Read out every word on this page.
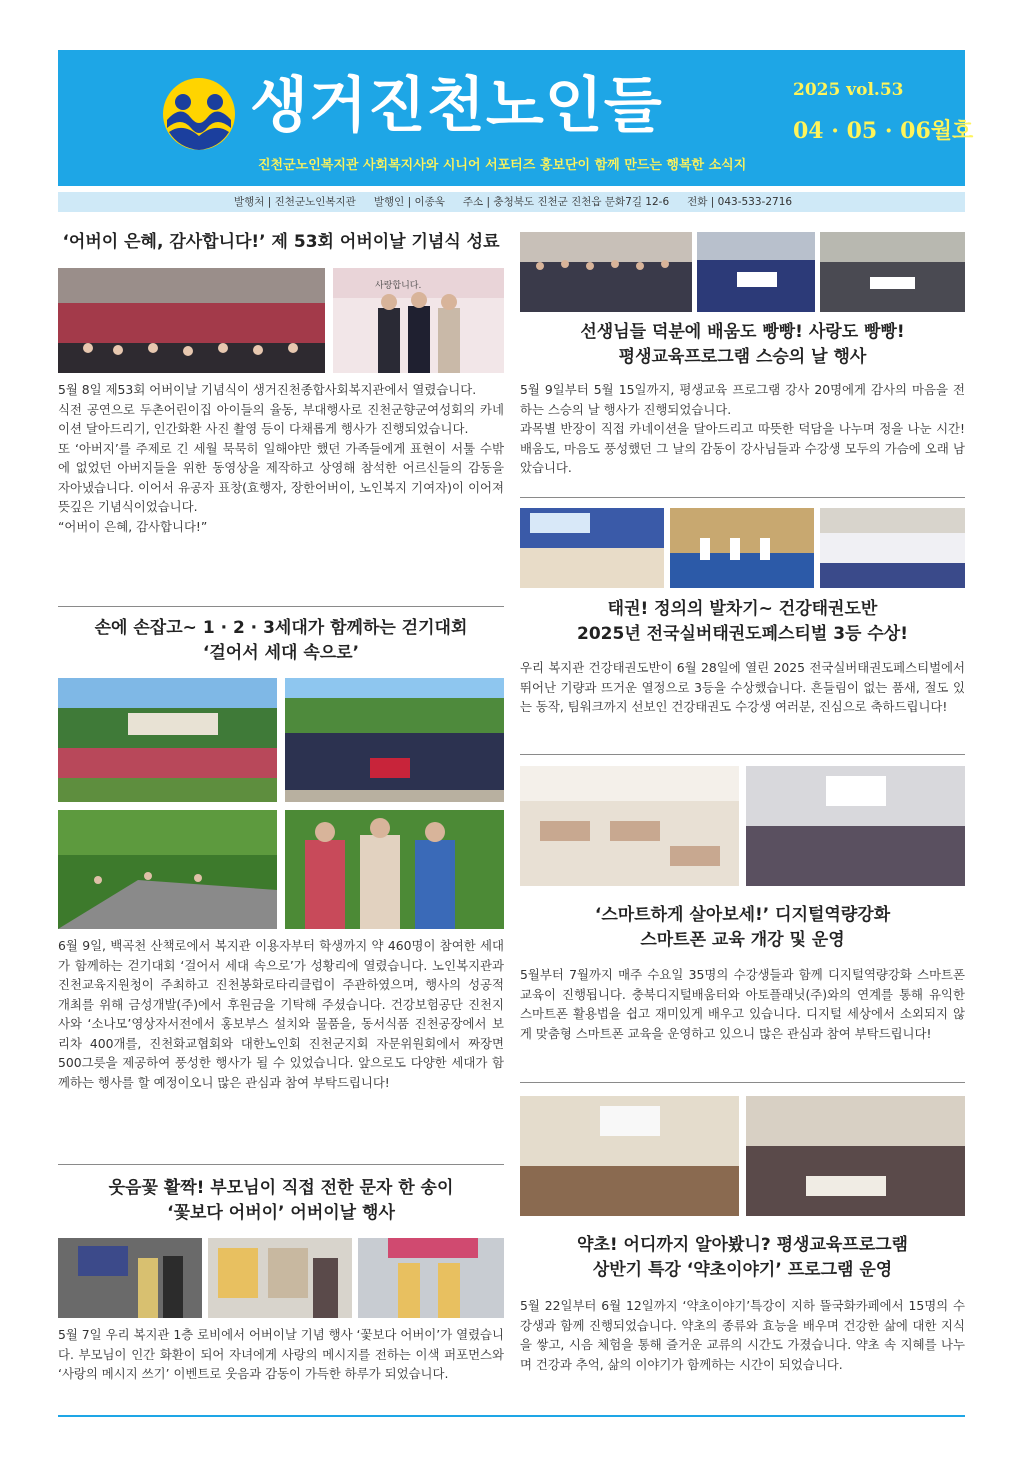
생거진천노인들	2025 vol.53
04 · 05 · 06월호
진천군노인복지관 사회복지사와 시니어 서포터즈 홍보단이 함께 만드는 행복한 소식지
발행처 | 진천군노인복지관 발행인 | 이종욱 주소 | 충청북도 진천군 진천읍 문화7길 12-6 전화 | 043-533-2716
‘어버이 은혜, 감사합니다!’ 제 53회 어버이날 기념식 성료
사랑합니다.
5월 8일 제53회 어버이날 기념식이 생거진천종합사회복지관에서 열렸습니다.
식전 공연으로 두촌어린이집 아이들의 율동, 부대행사로 진천군향군여성회의 카네이션 달아드리기, 인간화환 사진 촬영 등이 다채롭게 행사가 진행되었습니다.
또 ‘아버지’를 주제로 긴 세월 묵묵히 일해야만 했던 가족들에게 표현이 서툴 수밖에 없었던 아버지들을 위한 동영상을 제작하고 상영해 참석한 어르신들의 감동을 자아냈습니다. 이어서 유공자 표창(효행자, 장한어버이, 노인복지 기여자)이 이어져 뜻깊은 기념식이었습니다.
“어버이 은혜, 감사합니다!”
손에 손잡고~ 1 · 2 · 3세대가 함께하는 걷기대회
‘걸어서 세대 속으로’
6월 9일, 백곡천 산책로에서 복지관 이용자부터 학생까지 약 460명이 참여한 세대가 함께하는 걷기대회 ‘걸어서 세대 속으로’가 성황리에 열렸습니다. 노인복지관과 진천교육지원청이 주최하고 진천봉화로타리클럽이 주관하였으며, 행사의 성공적 개최를 위해 금성개발(주)에서 후원금을 기탁해 주셨습니다. 건강보험공단 진천지사와 ‘소나모’영상자서전에서 홍보부스 설치와 물품을, 동서식품 진천공장에서 보리차 400개를, 진천화교협회와 대한노인회 진천군지회 자문위원회에서 짜장면 500그릇을 제공하여 풍성한 행사가 될 수 있었습니다. 앞으로도 다양한 세대가 함께하는 행사를 할 예정이오니 많은 관심과 참여 부탁드립니다!
웃음꽃 활짝! 부모님이 직접 전한 문자 한 송이
‘꽃보다 어버이’ 어버이날 행사
5월 7일 우리 복지관 1층 로비에서 어버이날 기념 행사 ‘꽃보다 어버이’가 열렸습니다. 부모님이 인간 화환이 되어 자녀에게 사랑의 메시지를 전하는 이색 퍼포먼스와 ‘사랑의 메시지 쓰기’ 이벤트로 웃음과 감동이 가득한 하루가 되었습니다.
선생님들 덕분에 배움도 빵빵! 사랑도 빵빵!
평생교육프로그램 스승의 날 행사
5월 9일부터 5월 15일까지, 평생교육 프로그램 강사 20명에게 감사의 마음을 전하는 스승의 날 행사가 진행되었습니다.
과목별 반장이 직접 카네이션을 달아드리고 따뜻한 덕담을 나누며 정을 나눈 시간! 배움도, 마음도 풍성했던 그 날의 감동이 강사님들과 수강생 모두의 가슴에 오래 남았습니다.
태권! 정의의 발차기~ 건강태권도반
2025년 전국실버태권도페스티벌 3등 수상!
우리 복지관 건강태권도반이 6월 28일에 열린 2025 전국실버태권도페스티벌에서 뛰어난 기량과 뜨거운 열정으로 3등을 수상했습니다. 흔들림이 없는 품새, 절도 있는 동작, 팀워크까지 선보인 건강태권도 수강생 여러분, 진심으로 축하드립니다!
‘스마트하게 살아보세!’ 디지털역량강화
스마트폰 교육 개강 및 운영
5월부터 7월까지 매주 수요일 35명의 수강생들과 함께 디지털역량강화 스마트폰 교육이 진행됩니다. 충북디지털배움터와 아토플래닛(주)와의 연계를 통해 유익한 스마트폰 활용법을 쉽고 재미있게 배우고 있습니다. 디지털 세상에서 소외되지 않게 맞춤형 스마트폰 교육을 운영하고 있으니 많은 관심과 참여 부탁드립니다!
약초! 어디까지 알아봤니? 평생교육프로그램
상반기 특강 ‘약초이야기’ 프로그램 운영
5월 22일부터 6월 12일까지 ‘약초이야기’특강이 지하 뜰국화카페에서 15명의 수강생과 함께 진행되었습니다. 약초의 종류와 효능을 배우며 건강한 삶에 대한 지식을 쌓고, 시음 체험을 통해 즐거운 교류의 시간도 가졌습니다. 약초 속 지혜를 나누며 건강과 추억, 삶의 이야기가 함께하는 시간이 되었습니다.
